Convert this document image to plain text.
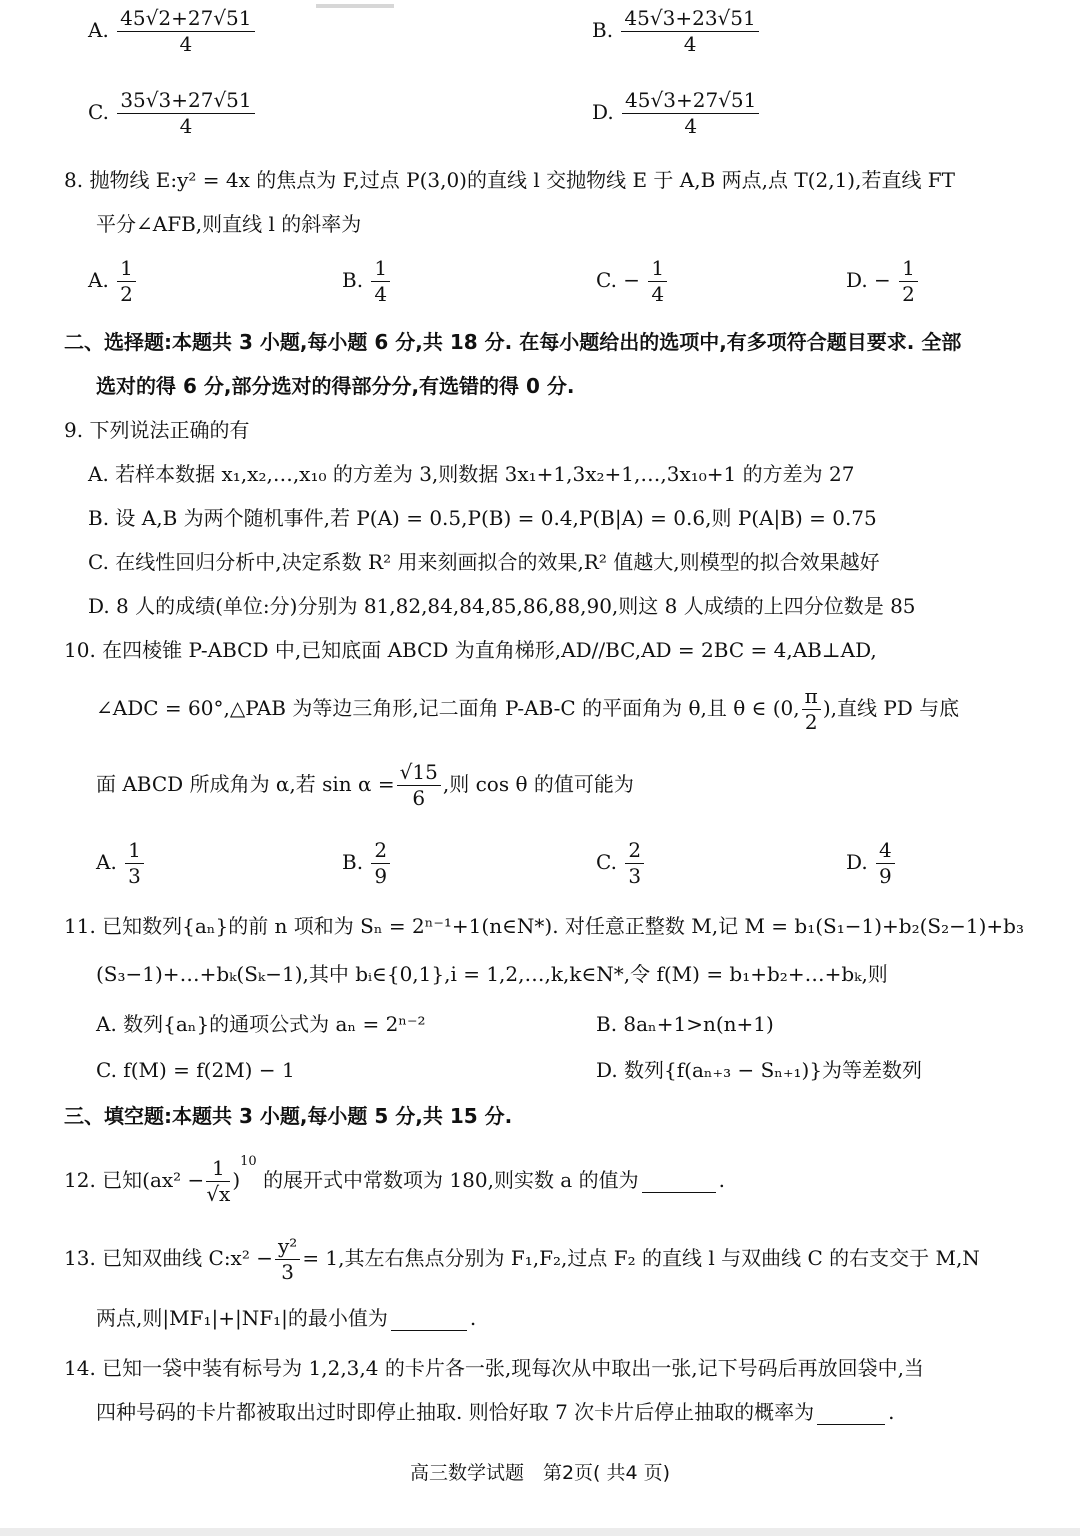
A. $\frac{45√2+27√51}{4}$	B. $\frac{45√3+23√51}{4}$
C. $\frac{35√3+27√51}{4}$	D. $\frac{45√3+27√51}{4}$
8. 抛物线 E:y² = 4x 的焦点为 F,过点 P(3,0)的直线 l 交抛物线 E 于 A,B 两点,点 T(2,1),若直线 FT
平分∠AFB,则直线 l 的斜率为
A. $\frac{1}{2}$	B. $\frac{1}{4}$	C. − $\frac{1}{4}$	D. − $\frac{1}{2}$
二、选择题:本题共 3 小题,每小题 6 分,共 18 分. 在每小题给出的选项中,有多项符合题目要求. 全部
选对的得 6 分,部分选对的得部分分,有选错的得 0 分.
9. 下列说法正确的有
A. 若样本数据 x₁,x₂,…,x₁₀ 的方差为 3,则数据 3x₁+1,3x₂+1,…,3x₁₀+1 的方差为 27
B. 设 A,B 为两个随机事件,若 P(A) = 0.5,P(B) = 0.4,P(B|A) = 0.6,则 P(A|B) = 0.75
C. 在线性回归分析中,决定系数 R² 用来刻画拟合的效果,R² 值越大,则模型的拟合效果越好
D. 8 人的成绩(单位:分)分别为 81,82,84,84,85,86,88,90,则这 8 人成绩的上四分位数是 85
10. 在四棱锥 P-ABCD 中,已知底面 ABCD 为直角梯形,AD//BC,AD = 2BC = 4,AB⊥AD,
∠ADC = 60°,△PAB 为等边三角形,记二面角 P-AB-C 的平面角为 θ,且 θ ∈ (0, $\frac{\pi}{2}$ ),直线 PD 与底
面 ABCD 所成角为 α,若 $\sin \alpha = \frac{√15}{6}$ ,则 cos θ 的值可能为
A. $\frac{1}{3}$	B. $\frac{2}{9}$	C. $\frac{2}{3}$	D. $\frac{4}{9}$
11. 已知数列{aₙ}的前 n 项和为 Sₙ = 2ⁿ⁻¹+1(n∈N*). 对任意正整数 M,记 M = b₁(S₁−1)+b₂(S₂−1)+b₃
(S₃−1)+…+bₖ(Sₖ−1),其中 bᵢ∈{0,1},i = 1,2,…,k,k∈N*,令 f(M) = b₁+b₂+…+bₖ,则
A. 数列{aₙ}的通项公式为 aₙ = 2ⁿ⁻²	B. 8aₙ+1>n(n+1)
C. f(M) = f(2M) − 1	D. 数列{f(aₙ₊₃ − Sₙ₊₁)}为等差数列
三、填空题:本题共 3 小题,每小题 5 分,共 15 分.
12. 已知$(ax^2 - \frac{1}{√x} )^{10}$ 的展开式中常数项为 180,则实数 a 的值为	.
13. 已知双曲线 C:x² − $\frac{\text{y²}}{3} = 1$,其左右焦点分别为 F₁,F₂,过点 F₂ 的直线 l 与双曲线 C 的右支交于 M,N
两点,则|MF₁|+|NF₁|的最小值为	.
14. 已知一袋中装有标号为 1,2,3,4 的卡片各一张,现每次从中取出一张,记下号码后再放回袋中,当
四种号码的卡片都被取出过时即停止抽取. 则恰好取 7 次卡片后停止抽取的概率为	.
高三数学试题　第2页( 共4 页)
